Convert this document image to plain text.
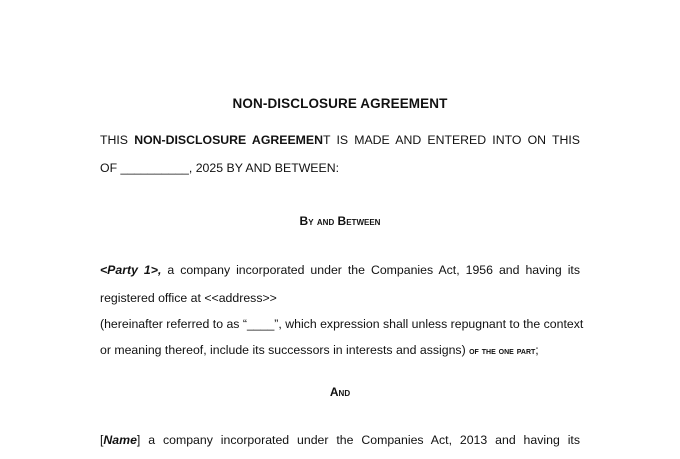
NON-DISCLOSURE AGREEMENT
THIS NON-DISCLOSURE AGREEMENT IS MADE AND ENTERED INTO ON THIS
OF __________, 2025 BY AND BETWEEN:
By and Between
<Party 1>, a company incorporated under the Companies Act, 1956 and having its
registered office at <<address>>
(hereinafter referred to as “____”, which expression shall unless repugnant to the context
or meaning thereof, include its successors in interests and assigns) of the one part;
And
[Name] a company incorporated under the Companies Act, 2013 and having its
